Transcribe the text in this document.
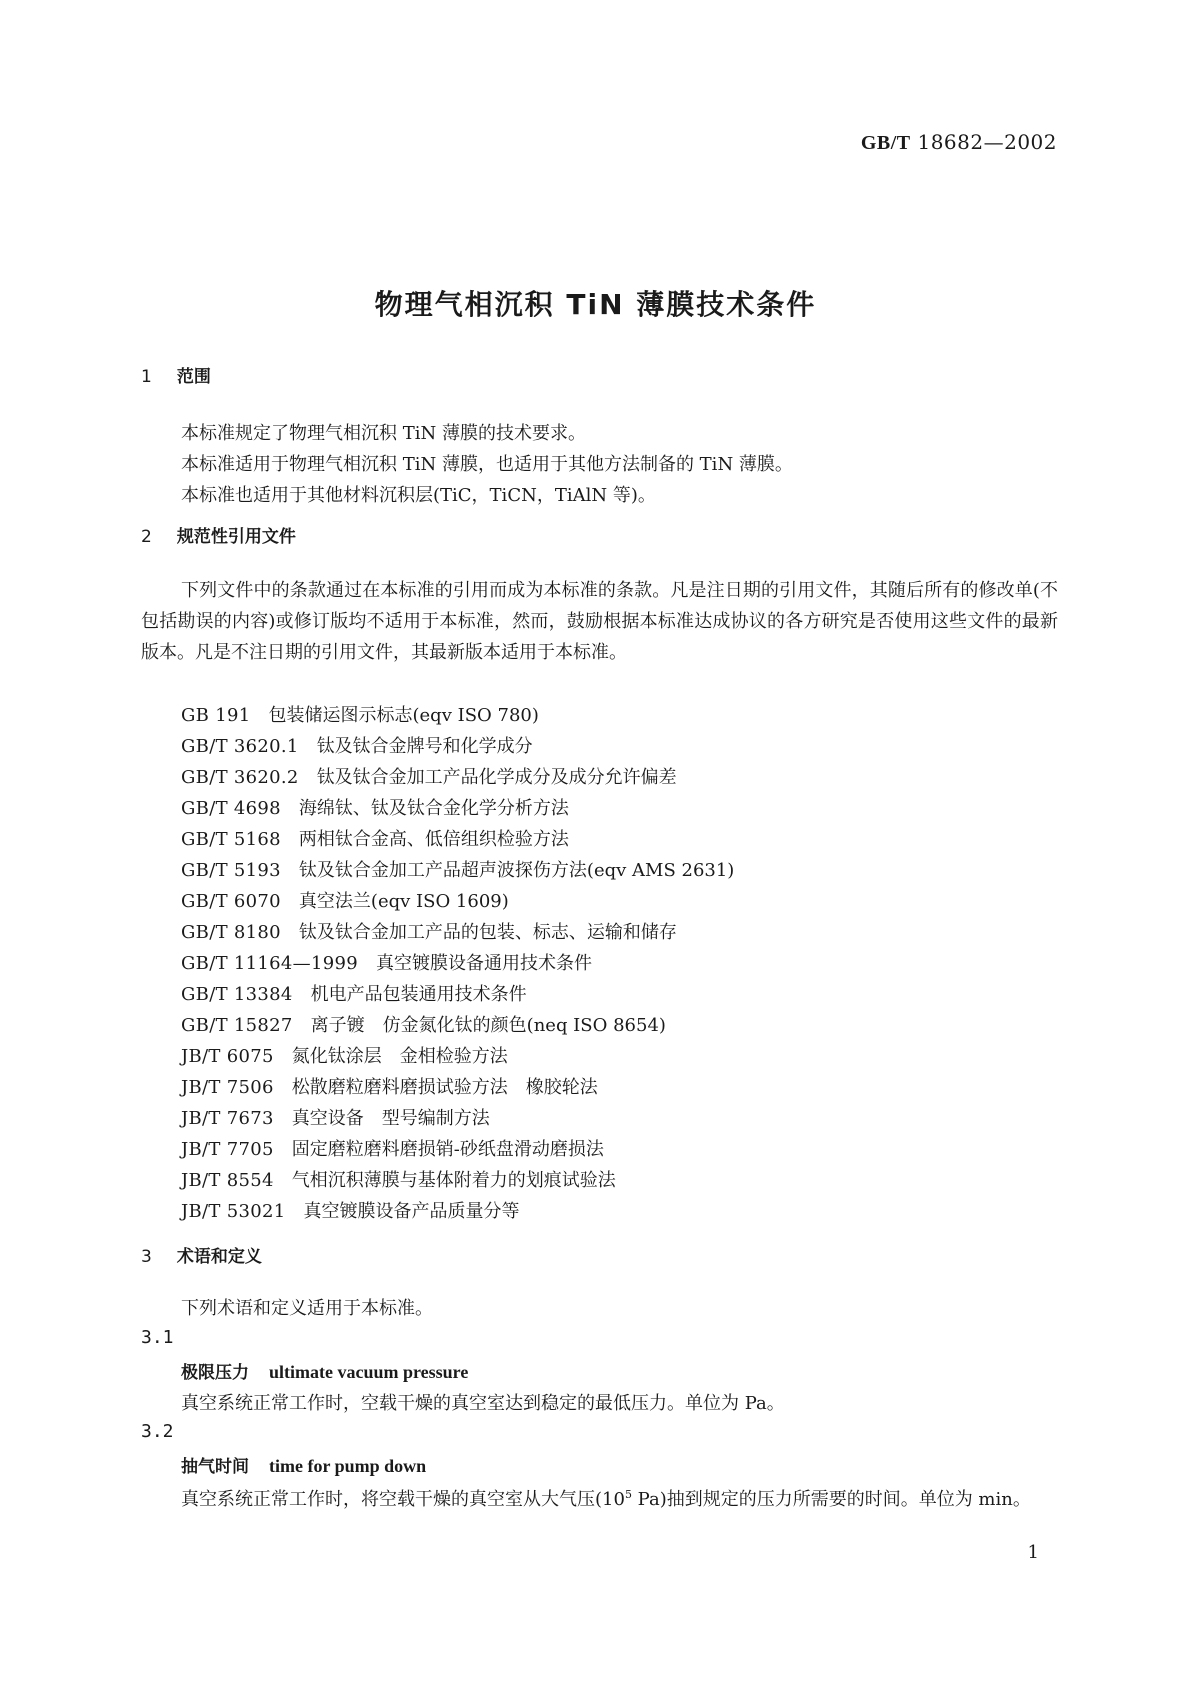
GB/T 18682—2002
物理气相沉积 TiN 薄膜技术条件
1 范围
本标准规定了物理气相沉积 TiN 薄膜的技术要求。
本标准适用于物理气相沉积 TiN 薄膜，也适用于其他方法制备的 TiN 薄膜。
本标准也适用于其他材料沉积层(TiC，TiCN，TiAlN 等)。
2 规范性引用文件
下列文件中的条款通过在本标准的引用而成为本标准的条款。凡是注日期的引用文件，其随后所有的修改单(不包括勘误的内容)或修订版均不适用于本标准，然而，鼓励根据本标准达成协议的各方研究是否使用这些文件的最新版本。凡是不注日期的引用文件，其最新版本适用于本标准。
GB 191 包装储运图示标志(eqv ISO 780)
GB/T 3620.1 钛及钛合金牌号和化学成分
GB/T 3620.2 钛及钛合金加工产品化学成分及成分允许偏差
GB/T 4698 海绵钛、钛及钛合金化学分析方法
GB/T 5168 两相钛合金高、低倍组织检验方法
GB/T 5193 钛及钛合金加工产品超声波探伤方法(eqv AMS 2631)
GB/T 6070 真空法兰(eqv ISO 1609)
GB/T 8180 钛及钛合金加工产品的包装、标志、运输和储存
GB/T 11164—1999 真空镀膜设备通用技术条件
GB/T 13384 机电产品包装通用技术条件
GB/T 15827 离子镀　仿金氮化钛的颜色(neq ISO 8654)
JB/T 6075 氮化钛涂层　金相检验方法
JB/T 7506 松散磨粒磨料磨损试验方法　橡胶轮法
JB/T 7673 真空设备　型号编制方法
JB/T 7705 固定磨粒磨料磨损销-砂纸盘滑动磨损法
JB/T 8554 气相沉积薄膜与基体附着力的划痕试验法
JB/T 53021 真空镀膜设备产品质量分等
3 术语和定义
下列术语和定义适用于本标准。
3.1
极限压力 ultimate vacuum pressure
真空系统正常工作时，空载干燥的真空室达到稳定的最低压力。单位为 Pa。
3.2
抽气时间 time for pump down
真空系统正常工作时，将空载干燥的真空室从大气压($10^5$ Pa)抽到规定的压力所需要的时间。单位为 min。
1
